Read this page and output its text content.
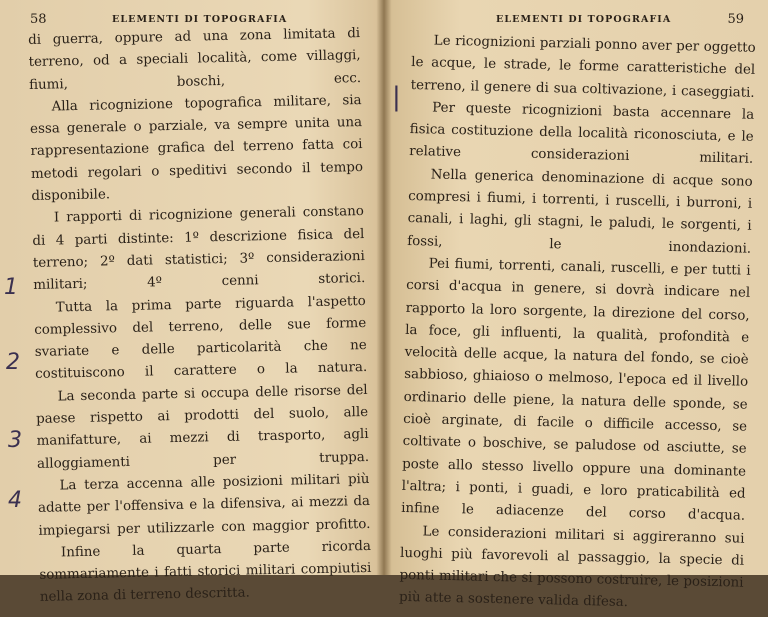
58	ELEMENTI DI TOPOGRAFIA

di guerra, oppure ad una zona limitata di terreno, od a speciali località, come villaggi, fiumi, boschi, ecc.

Alla ricognizione topografica militare, sia essa generale o parziale, va sempre unita una rappresentazione grafica del terreno fatta coi metodi regolari o speditivi secondo il tempo disponibile.

I rapporti di ricognizione generali constano di 4 parti distinte: 1º descrizione fisica del terreno; 2º dati statistici; 3º considerazioni militari; 4º cenni storici.

Tutta la prima parte riguarda l'aspetto complessivo del terreno, delle sue forme svariate e delle particolarità che ne costituiscono il carattere o la natura.

La seconda parte si occupa delle risorse del paese rispetto ai prodotti del suolo, alle manifatture, ai mezzi di trasporto, agli alloggiamenti per truppa.

La terza accenna alle posizioni militari più adatte per l'offensiva e la difensiva, ai mezzi da impiegarsi per utilizzarle con maggior profitto.

Infine la quarta parte ricorda sommariamente i fatti storici militari compiutisi nella zona di terreno descritta.

1
2
3
4
ELEMENTI DI TOPOGRAFIA	59

Le ricognizioni parziali ponno aver per oggetto le acque, le strade, le forme caratteristiche del terreno, il genere di sua coltivazione, i caseggiati.

Per queste ricognizioni basta accennare la fisica costituzione della località riconosciuta, e le relative considerazioni militari.

Nella generica denominazione di acque sono compresi i fiumi, i torrenti, i ruscelli, i burroni, i canali, i laghi, gli stagni, le paludi, le sorgenti, i fossi, le inondazioni.

Pei fiumi, torrenti, canali, ruscelli, e per tutti i corsi d'acqua in genere, si dovrà indicare nel rapporto la loro sorgente, la direzione del corso, la foce, gli influenti, la qualità, profondità e velocità delle acque, la natura del fondo, se cioè sabbioso, ghiaioso o melmoso, l'epoca ed il livello ordinario delle piene, la natura delle sponde, se cioè arginate, di facile o difficile accesso, se coltivate o boschive, se paludose od asciutte, se poste allo stesso livello oppure una dominante l'altra; i ponti, i guadi, e loro praticabilità ed infine le adiacenze del corso d'acqua.

Le considerazioni militari si aggireranno sui luoghi più favorevoli al passaggio, la specie di ponti militari che si possono costruire, le posizioni più atte a sostenere valida difesa.

|
